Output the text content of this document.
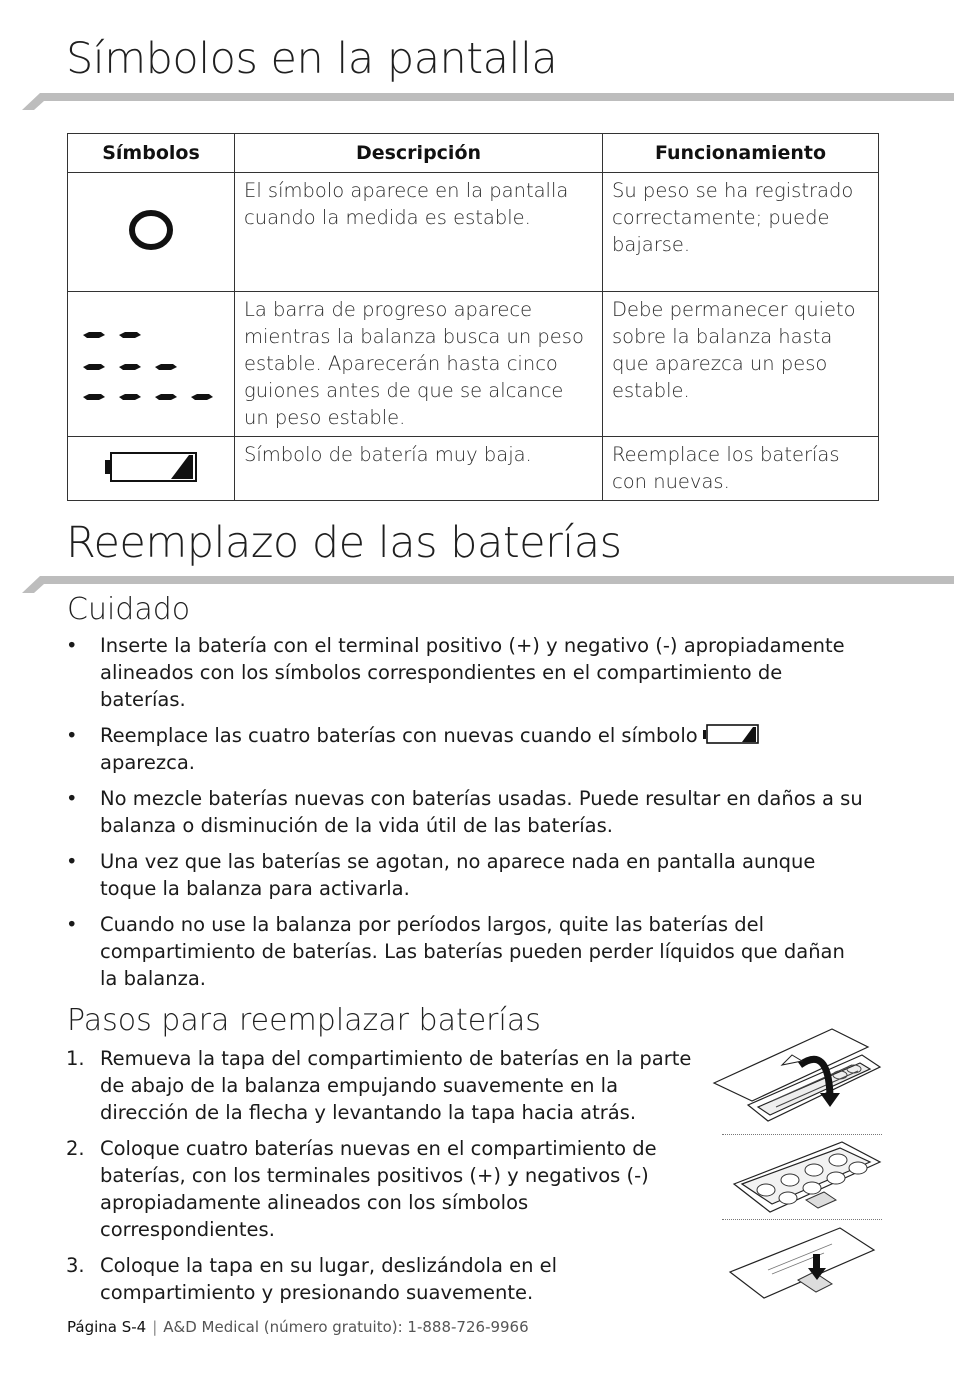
Símbolos en la pantalla
Símbolos	Descripción	Funcionamiento
	El símbolo aparece en la pantalla cuando la medida es estable.	Su peso se ha registrado correctamente; puede bajarse.
	La barra de progreso aparece mientras la balanza busca un peso estable. Aparecerán hasta cinco guiones antes de que se alcance un peso estable.	Debe permanecer quieto sobre la balanza hasta que aparezca un peso estable.
	Símbolo de batería muy baja.	Reemplace los baterías con nuevas.
Reemplazo de las baterías
Cuidado
• Inserte la batería con el terminal positivo (+) y negativo (-) apropiadamente alineados con los símbolos correspondientes en el compartimiento de baterías.
• Reemplace las cuatro baterías con nuevas cuando el símbolo
aparezca.
• No mezcle baterías nuevas con baterías usadas. Puede resultar en daños a su balanza o disminución de la vida útil de las baterías.
• Una vez que las baterías se agotan, no aparece nada en pantalla aunque toque la balanza para activarla.
• Cuando no use la balanza por períodos largos, quite las baterías del compartimiento de baterías. Las baterías pueden perder líquidos que dañan la balanza.
Pasos para reemplazar baterías
1. Remueva la tapa del compartimiento de baterías en la parte de abajo de la balanza empujando suavemente en la dirección de la flecha y levantando la tapa hacia atrás.
2. Coloque cuatro baterías nuevas en el compartimiento de baterías, con los terminales positivos (+) y negativos (-) apropiadamente alineados con los símbolos correspondientes.
3. Coloque la tapa en su lugar, deslizándola en el compartimiento y presionando suavemente.
Página S-4 | A&D Medical (número gratuito): 1-888-726-9966
